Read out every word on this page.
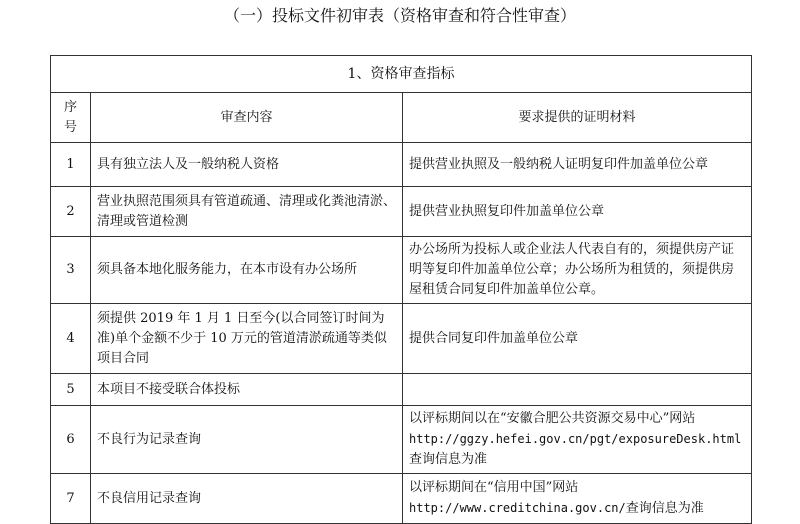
（一）投标文件初审表（资格审查和符合性审查）
1、资格审查指标		
序号	审查内容	要求提供的证明材料
1	具有独立法人及一般纳税人资格	提供营业执照及一般纳税人证明复印件加盖单位公章
2	营业执照范围须具有管道疏通、清理或化粪池清淤、清理或管道检测	提供营业执照复印件加盖单位公章
3	须具备本地化服务能力，在本市设有办公场所	办公场所为投标人或企业法人代表自有的，须提供房产证明等复印件加盖单位公章；办公场所为租赁的，须提供房屋租赁合同复印件加盖单位公章。
4	须提供 2019 年 1 月 1 日至今(以合同签订时间为准)单个金额不少于 10 万元的管道清淤疏通等类似项目合同	提供合同复印件加盖单位公章
5	本项目不接受联合体投标	
6	不良行为记录查询	以评标期间以在“安徽合肥公共资源交易中心”网站
http://ggzy.hefei.gov.cn/pgt/exposureDesk.html 查询信息为准
7	不良信用记录查询	以评标期间在“信用中国”网站
http://www.creditchina.gov.cn/查询信息为准
